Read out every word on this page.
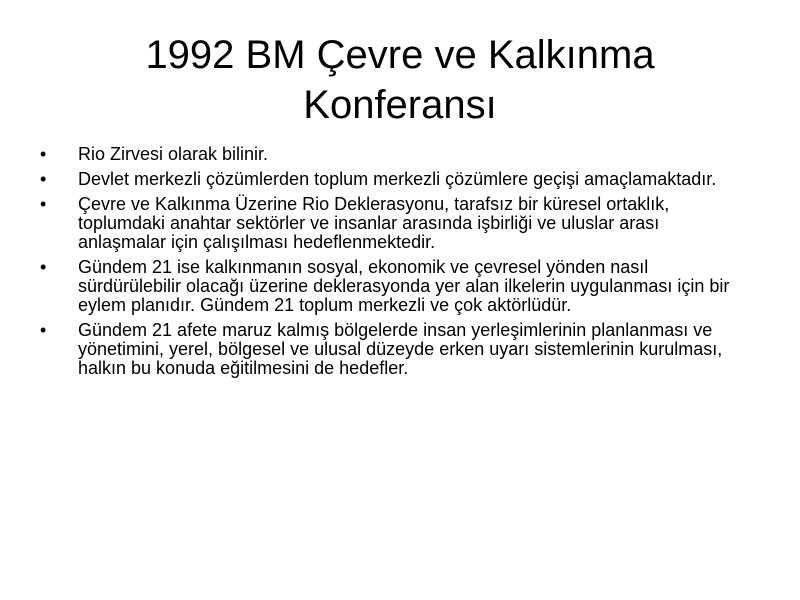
1992 BM Çevre ve Kalkınma Konferansı
•	Rio Zirvesi olarak bilinir.
•	Devlet merkezli çözümlerden toplum merkezli çözümlere geçişi amaçlamaktadır.
•	Çevre ve Kalkınma Üzerine Rio Deklerasyonu, tarafsız bir küresel ortaklık, toplumdaki anahtar sektörler ve insanlar arasında işbirliği ve uluslar arası anlaşmalar için çalışılması hedeflenmektedir.
•	Gündem 21 ise kalkınmanın sosyal, ekonomik ve çevresel yönden nasıl sürdürülebilir olacağı üzerine deklerasyonda yer alan ilkelerin uygulanması için bir eylem planıdır. Gündem 21 toplum merkezli ve çok aktörlüdür.
•	Gündem 21 afete maruz kalmış bölgelerde insan yerleşimlerinin planlanması ve yönetimini, yerel, bölgesel ve ulusal düzeyde erken uyarı sistemlerinin kurulması, halkın bu konuda eğitilmesini de hedefler.
